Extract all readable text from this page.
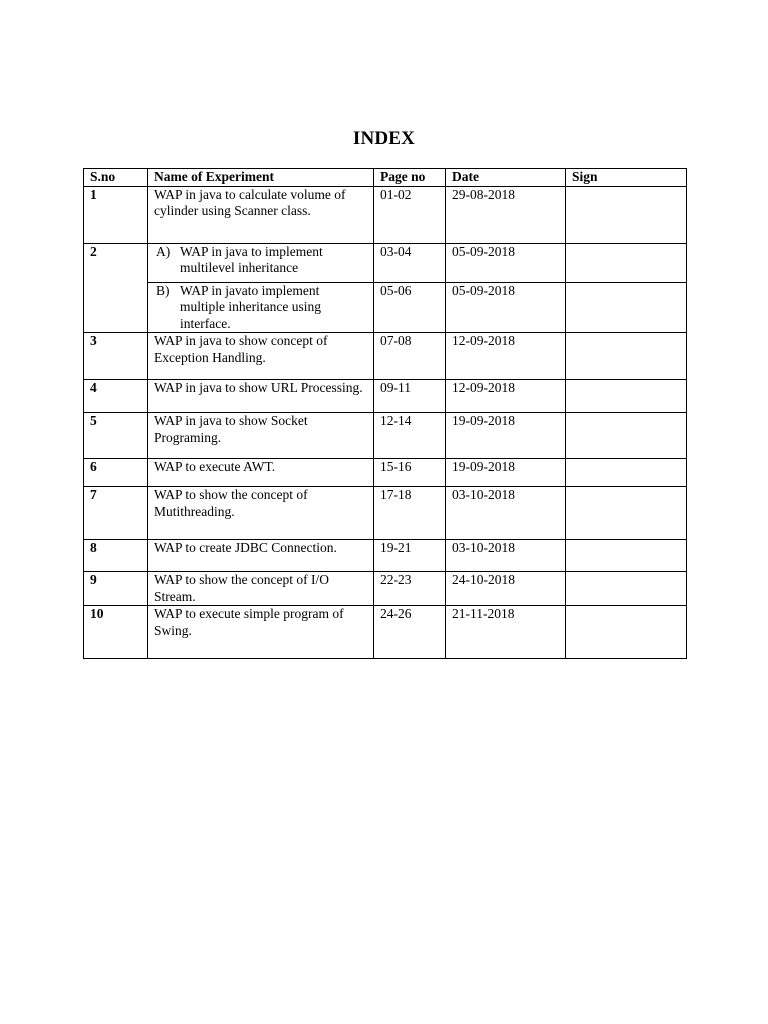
INDEX
S.no	Name of Experiment	Page no	Date	Sign
1	WAP in java to calculate volume of cylinder using Scanner class.	01-02	29-08-2018	
2	A) WAP in java to implement multilevel inheritance	03-04	05-09-2018	

	B) WAP in javato implement multiple inheritance using interface.	05-06	05-09-2018	
3	WAP in java to show concept of Exception Handling.	07-08	12-09-2018	
4	WAP in java to show URL Processing.	09-11	12-09-2018	
5	WAP in java to show Socket Programing.	12-14	19-09-2018	
6	WAP to execute AWT.	15-16	19-09-2018	
7	WAP to show the concept of Mutithreading.	17-18	03-10-2018	
8	WAP to create JDBC Connection.	19-21	03-10-2018	
9	WAP to show the concept of I/O Stream.	22-23	24-10-2018	
10	WAP to execute simple program of Swing.	24-26	21-11-2018	
